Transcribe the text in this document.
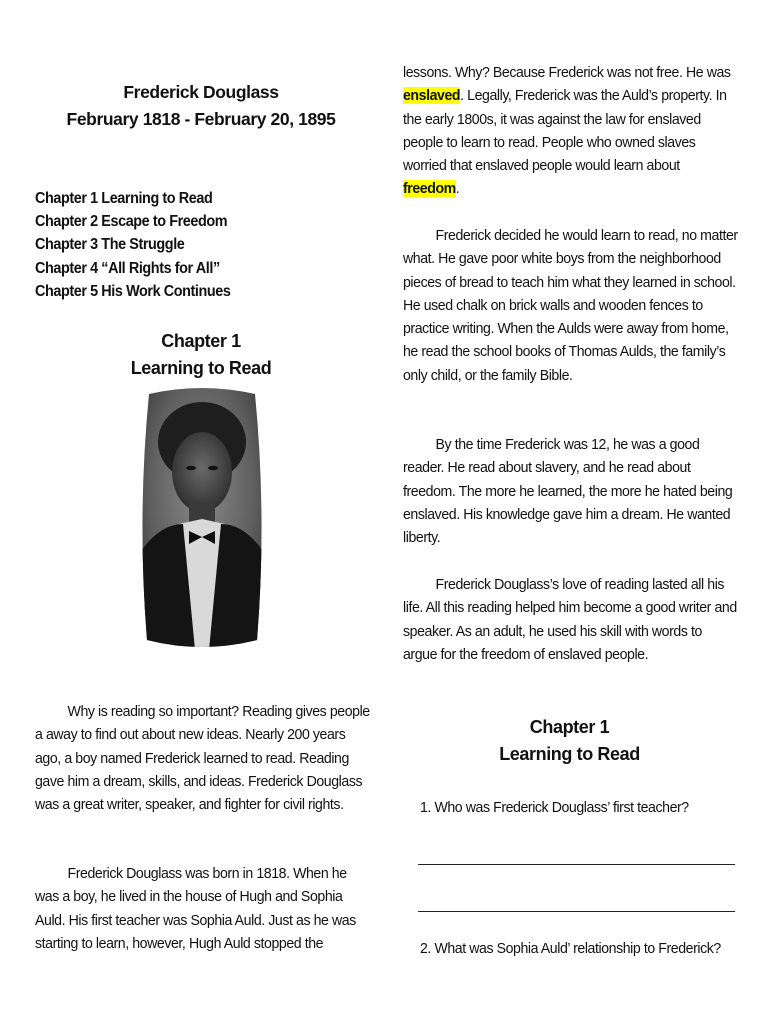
Frederick Douglass
February 1818 - February 20, 1895
Chapter 1 Learning to Read
Chapter 2 Escape to Freedom
Chapter 3 The Struggle
Chapter 4 “All Rights for All”
Chapter 5 His Work Continues
Chapter 1
Learning to Read
Why is reading so important? Reading gives people a away to find out about new ideas. Nearly 200 years ago, a boy named Frederick learned to read. Reading gave him a dream, skills, and ideas. Frederick Douglass was a great writer, speaker, and fighter for civil rights.
Frederick Douglass was born in 1818. When he was a boy, he lived in the house of Hugh and Sophia Auld. His first teacher was Sophia Auld. Just as he was starting to learn, however, Hugh Auld stopped the
lessons. Why? Because Frederick was not free. He was enslaved. Legally, Frederick was the Auld’s property. In the early 1800s, it was against the law for enslaved people to learn to read. People who owned slaves worried that enslaved people would learn about freedom.
Frederick decided he would learn to read, no matter what. He gave poor white boys from the neighborhood pieces of bread to teach him what they learned in school. He used chalk on brick walls and wooden fences to practice writing. When the Aulds were away from home, he read the school books of Thomas Aulds, the family’s only child, or the family Bible.
By the time Frederick was 12, he was a good reader. He read about slavery, and he read about freedom. The more he learned, the more he hated being enslaved. His knowledge gave him a dream. He wanted liberty.
Frederick Douglass’s love of reading lasted all his life. All this reading helped him become a good writer and speaker. As an adult, he used his skill with words to argue for the freedom of enslaved people.
Chapter 1
Learning to Read
1. Who was Frederick Douglass’ first teacher?
2. What was Sophia Auld’ relationship to Frederick?
